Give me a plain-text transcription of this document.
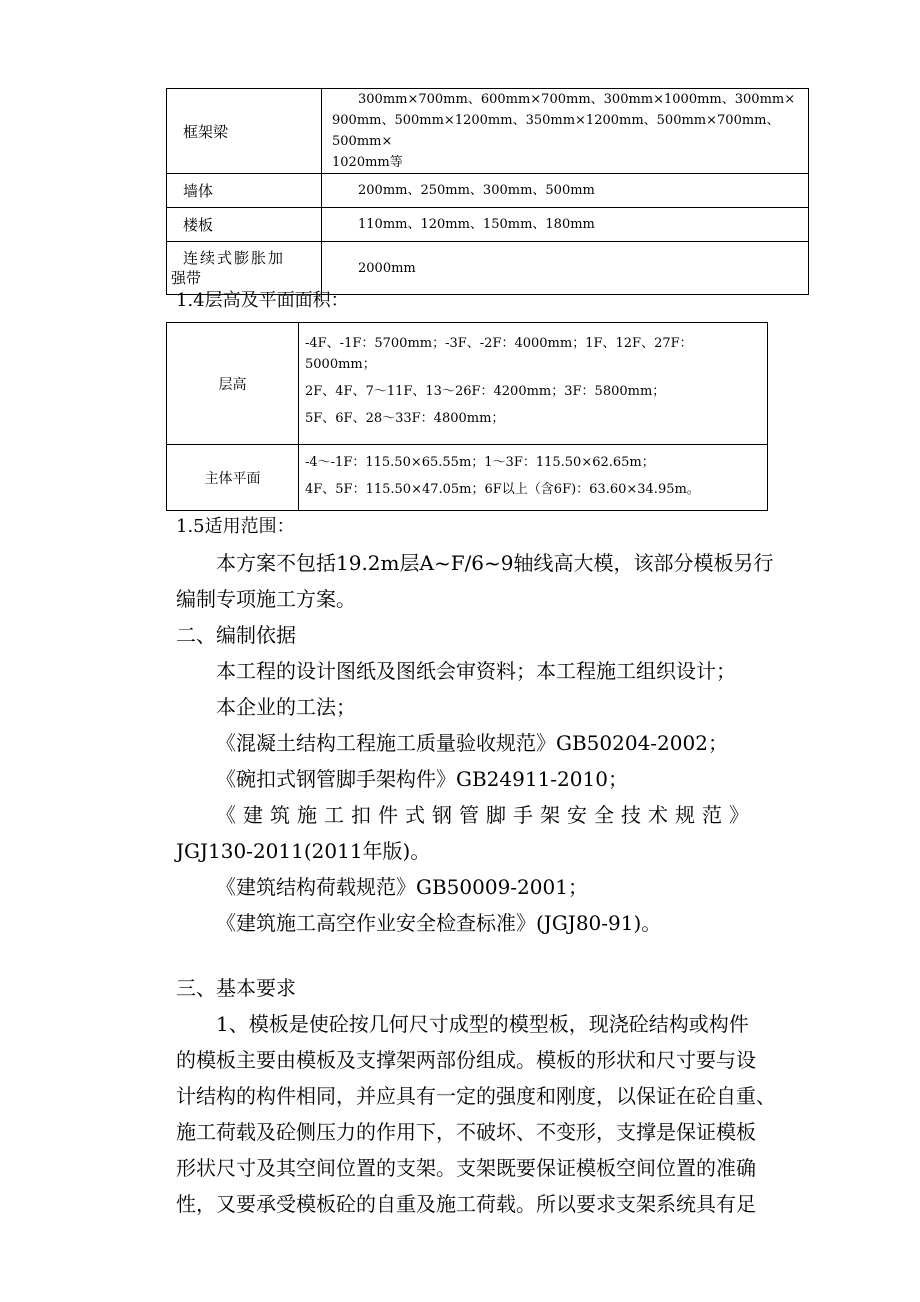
框架梁	　　300mm×700mm、600mm×700mm、300mm×1000mm、300mm×
900mm、500mm×1200mm、350mm×1200mm、500mm×700mm、500mm×
1020mm等

墙体	　　200mm、250mm、300mm、500mm
楼板	　　110mm、120mm、150mm、180mm

连续式膨胀加
强带	　　2000mm
1.4层高及平面面积：
层高	-4F、-1F：5700mm；-3F、-2F：4000mm；1F、12F、27F：
5000mm；
2F、4F、7～11F、13～26F：4200mm；3F：5800mm；
5F、6F、28～33F：4800mm；

主体平面	-4～-1F：115.50×65.55m；1～3F：115.50×62.65m；
4F、5F：115.50×47.05m；6F以上（含6F)：63.60×34.95m。
1.5适用范围：
本方案不包括19.2m层A~F/6~9轴线高大模，该部分模板另行
编制专项施工方案。
二、编制依据
本工程的设计图纸及图纸会审资料；本工程施工组织设计；
本企业的工法；
《混凝土结构工程施工质量验收规范》GB50204-2002；
《碗扣式钢管脚手架构件》GB24911-2010；
《建筑施工扣件式钢管脚手架安全技术规范》
JGJ130-2011(2011年版)。
《建筑结构荷载规范》GB50009-2001；
《建筑施工高空作业安全检查标准》(JGJ80-91)。
三、基本要求
1、模板是使砼按几何尺寸成型的模型板，现浇砼结构或构件
的模板主要由模板及支撑架两部份组成。模板的形状和尺寸要与设
计结构的构件相同，并应具有一定的强度和刚度，以保证在砼自重、
施工荷载及砼侧压力的作用下，不破坏、不变形，支撑是保证模板
形状尺寸及其空间位置的支架。支架既要保证模板空间位置的准确
性，又要承受模板砼的自重及施工荷载。所以要求支架系统具有足
